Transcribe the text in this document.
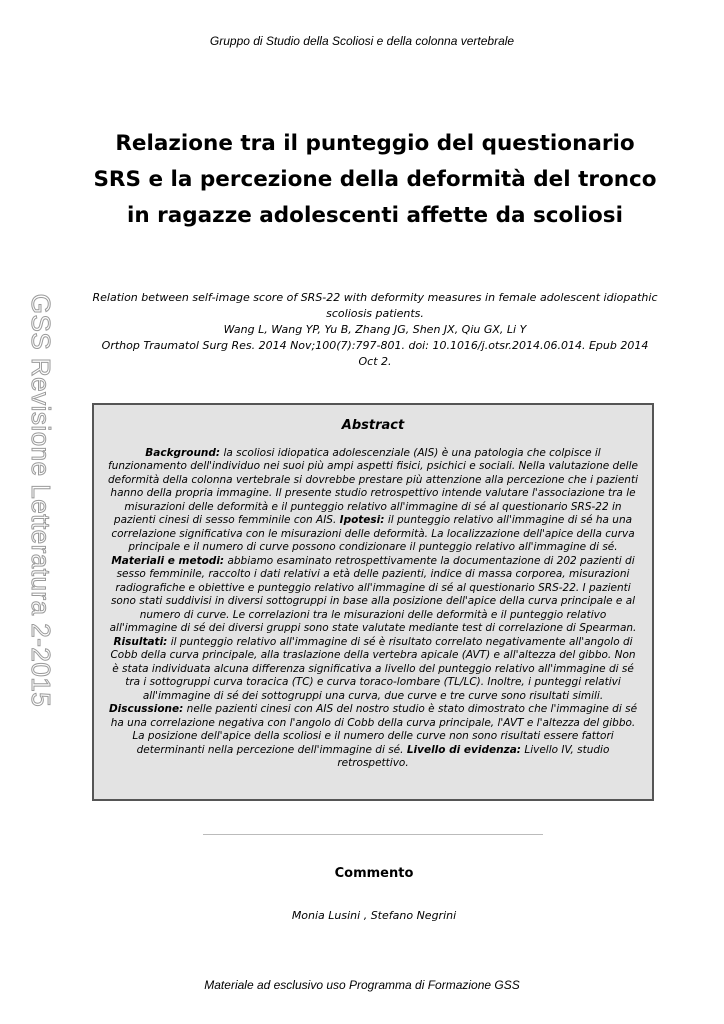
Gruppo di Studio della Scoliosi e della colonna vertebrale
GSS Revisione Letteratura 2-2015
Relazione tra il punteggio del questionario SRS e la percezione della deformità del tronco in ragazze adolescenti affette da scoliosi
Relation between self-image score of SRS-22 with deformity measures in female adolescent idiopathic scoliosis patients.
Wang L, Wang YP, Yu B, Zhang JG, Shen JX, Qiu GX, Li Y
Orthop Traumatol Surg Res. 2014 Nov;100(7):797-801. doi: 10.1016/j.otsr.2014.06.014. Epub 2014 Oct 2.
Abstract

Background: la scoliosi idiopatica adolescenziale (AIS) è una patologia che colpisce il funzionamento dell'individuo nei suoi più ampi aspetti fisici, psichici e sociali. Nella valutazione delle deformità della colonna vertebrale si dovrebbe prestare più attenzione alla percezione che i pazienti hanno della propria immagine. Il presente studio retrospettivo intende valutare l'associazione tra le misurazioni delle deformità e il punteggio relativo all'immagine di sé al questionario SRS-22 in pazienti cinesi di sesso femminile con AIS. Ipotesi: il punteggio relativo all'immagine di sé ha una correlazione significativa con le misurazioni delle deformità. La localizzazione dell'apice della curva principale e il numero di curve possono condizionare il punteggio relativo all'immagine di sé. Materiali e metodi: abbiamo esaminato retrospettivamente la documentazione di 202 pazienti di sesso femminile, raccolto i dati relativi a età delle pazienti, indice di massa corporea, misurazioni radiografiche e obiettive e punteggio relativo all'immagine di sé al questionario SRS-22. I pazienti sono stati suddivisi in diversi sottogruppi in base alla posizione dell'apice della curva principale e al numero di curve. Le correlazioni tra le misurazioni delle deformità e il punteggio relativo all'immagine di sé dei diversi gruppi sono state valutate mediante test di correlazione di Spearman. Risultati: il punteggio relativo all'immagine di sé è risultato correlato negativamente all'angolo di Cobb della curva principale, alla traslazione della vertebra apicale (AVT) e all'altezza del gibbo. Non è stata individuata alcuna differenza significativa a livello del punteggio relativo all'immagine di sé tra i sottogruppi curva toracica (TC) e curva toraco-lombare (TL/LC). Inoltre, i punteggi relativi all'immagine di sé dei sottogruppi una curva, due curve e tre curve sono risultati simili. Discussione: nelle pazienti cinesi con AIS del nostro studio è stato dimostrato che l'immagine di sé ha una correlazione negativa con l'angolo di Cobb della curva principale, l'AVT e l'altezza del gibbo. La posizione dell'apice della scoliosi e il numero delle curve non sono risultati essere fattori determinanti nella percezione dell'immagine di sé. Livello di evidenza: Livello IV, studio retrospettivo.

Commento
Monia Lusini , Stefano Negrini
Materiale ad esclusivo uso Programma di Formazione GSS
